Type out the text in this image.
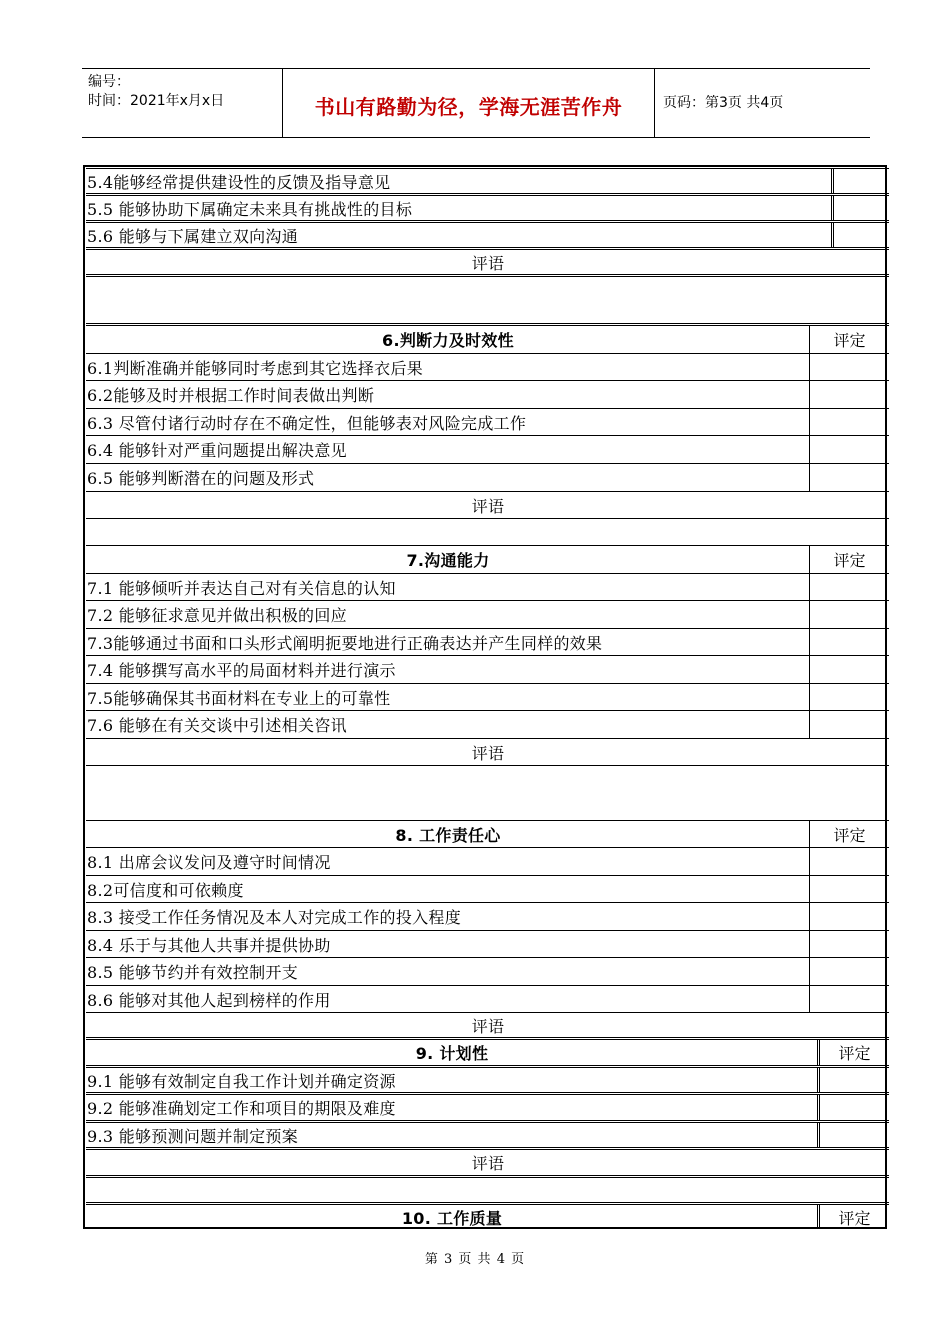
编号：
时间：2021年x月x日	书山有路勤为径，学海无涯苦作舟	页码：第3页 共4页
5.4能够经常提供建设性的反馈及指导意见
5.5 能够协助下属确定未来具有挑战性的目标
5.6 能够与下属建立双向沟通
评语
6.判断力及时效性	评定
6.1判断准确并能够同时考虑到其它选择衣后果
6.2能够及时并根据工作时间表做出判断
6.3 尽管付诸行动时存在不确定性，但能够表对风险完成工作
6.4 能够针对严重问题提出解决意见
6.5 能够判断潜在的问题及形式
评语
7.沟通能力	评定
7.1 能够倾听并表达自己对有关信息的认知
7.2 能够征求意见并做出积极的回应
7.3能够通过书面和口头形式阐明扼要地进行正确表达并产生同样的效果
7.4 能够撰写高水平的局面材料并进行演示
7.5能够确保其书面材料在专业上的可靠性
7.6 能够在有关交谈中引述相关咨讯
评语
8. 工作责任心	评定
8.1 出席会议发问及遵守时间情况
8.2可信度和可依赖度
8.3 接受工作任务情况及本人对完成工作的投入程度
8.4 乐于与其他人共事并提供协助
8.5 能够节约并有效控制开支
8.6 能够对其他人起到榜样的作用
评语
9. 计划性	评定
9.1 能够有效制定自我工作计划并确定资源
9.2 能够准确划定工作和项目的期限及难度
9.3 能够预测问题并制定预案
评语
10. 工作质量	评定
第 3 页 共 4 页
